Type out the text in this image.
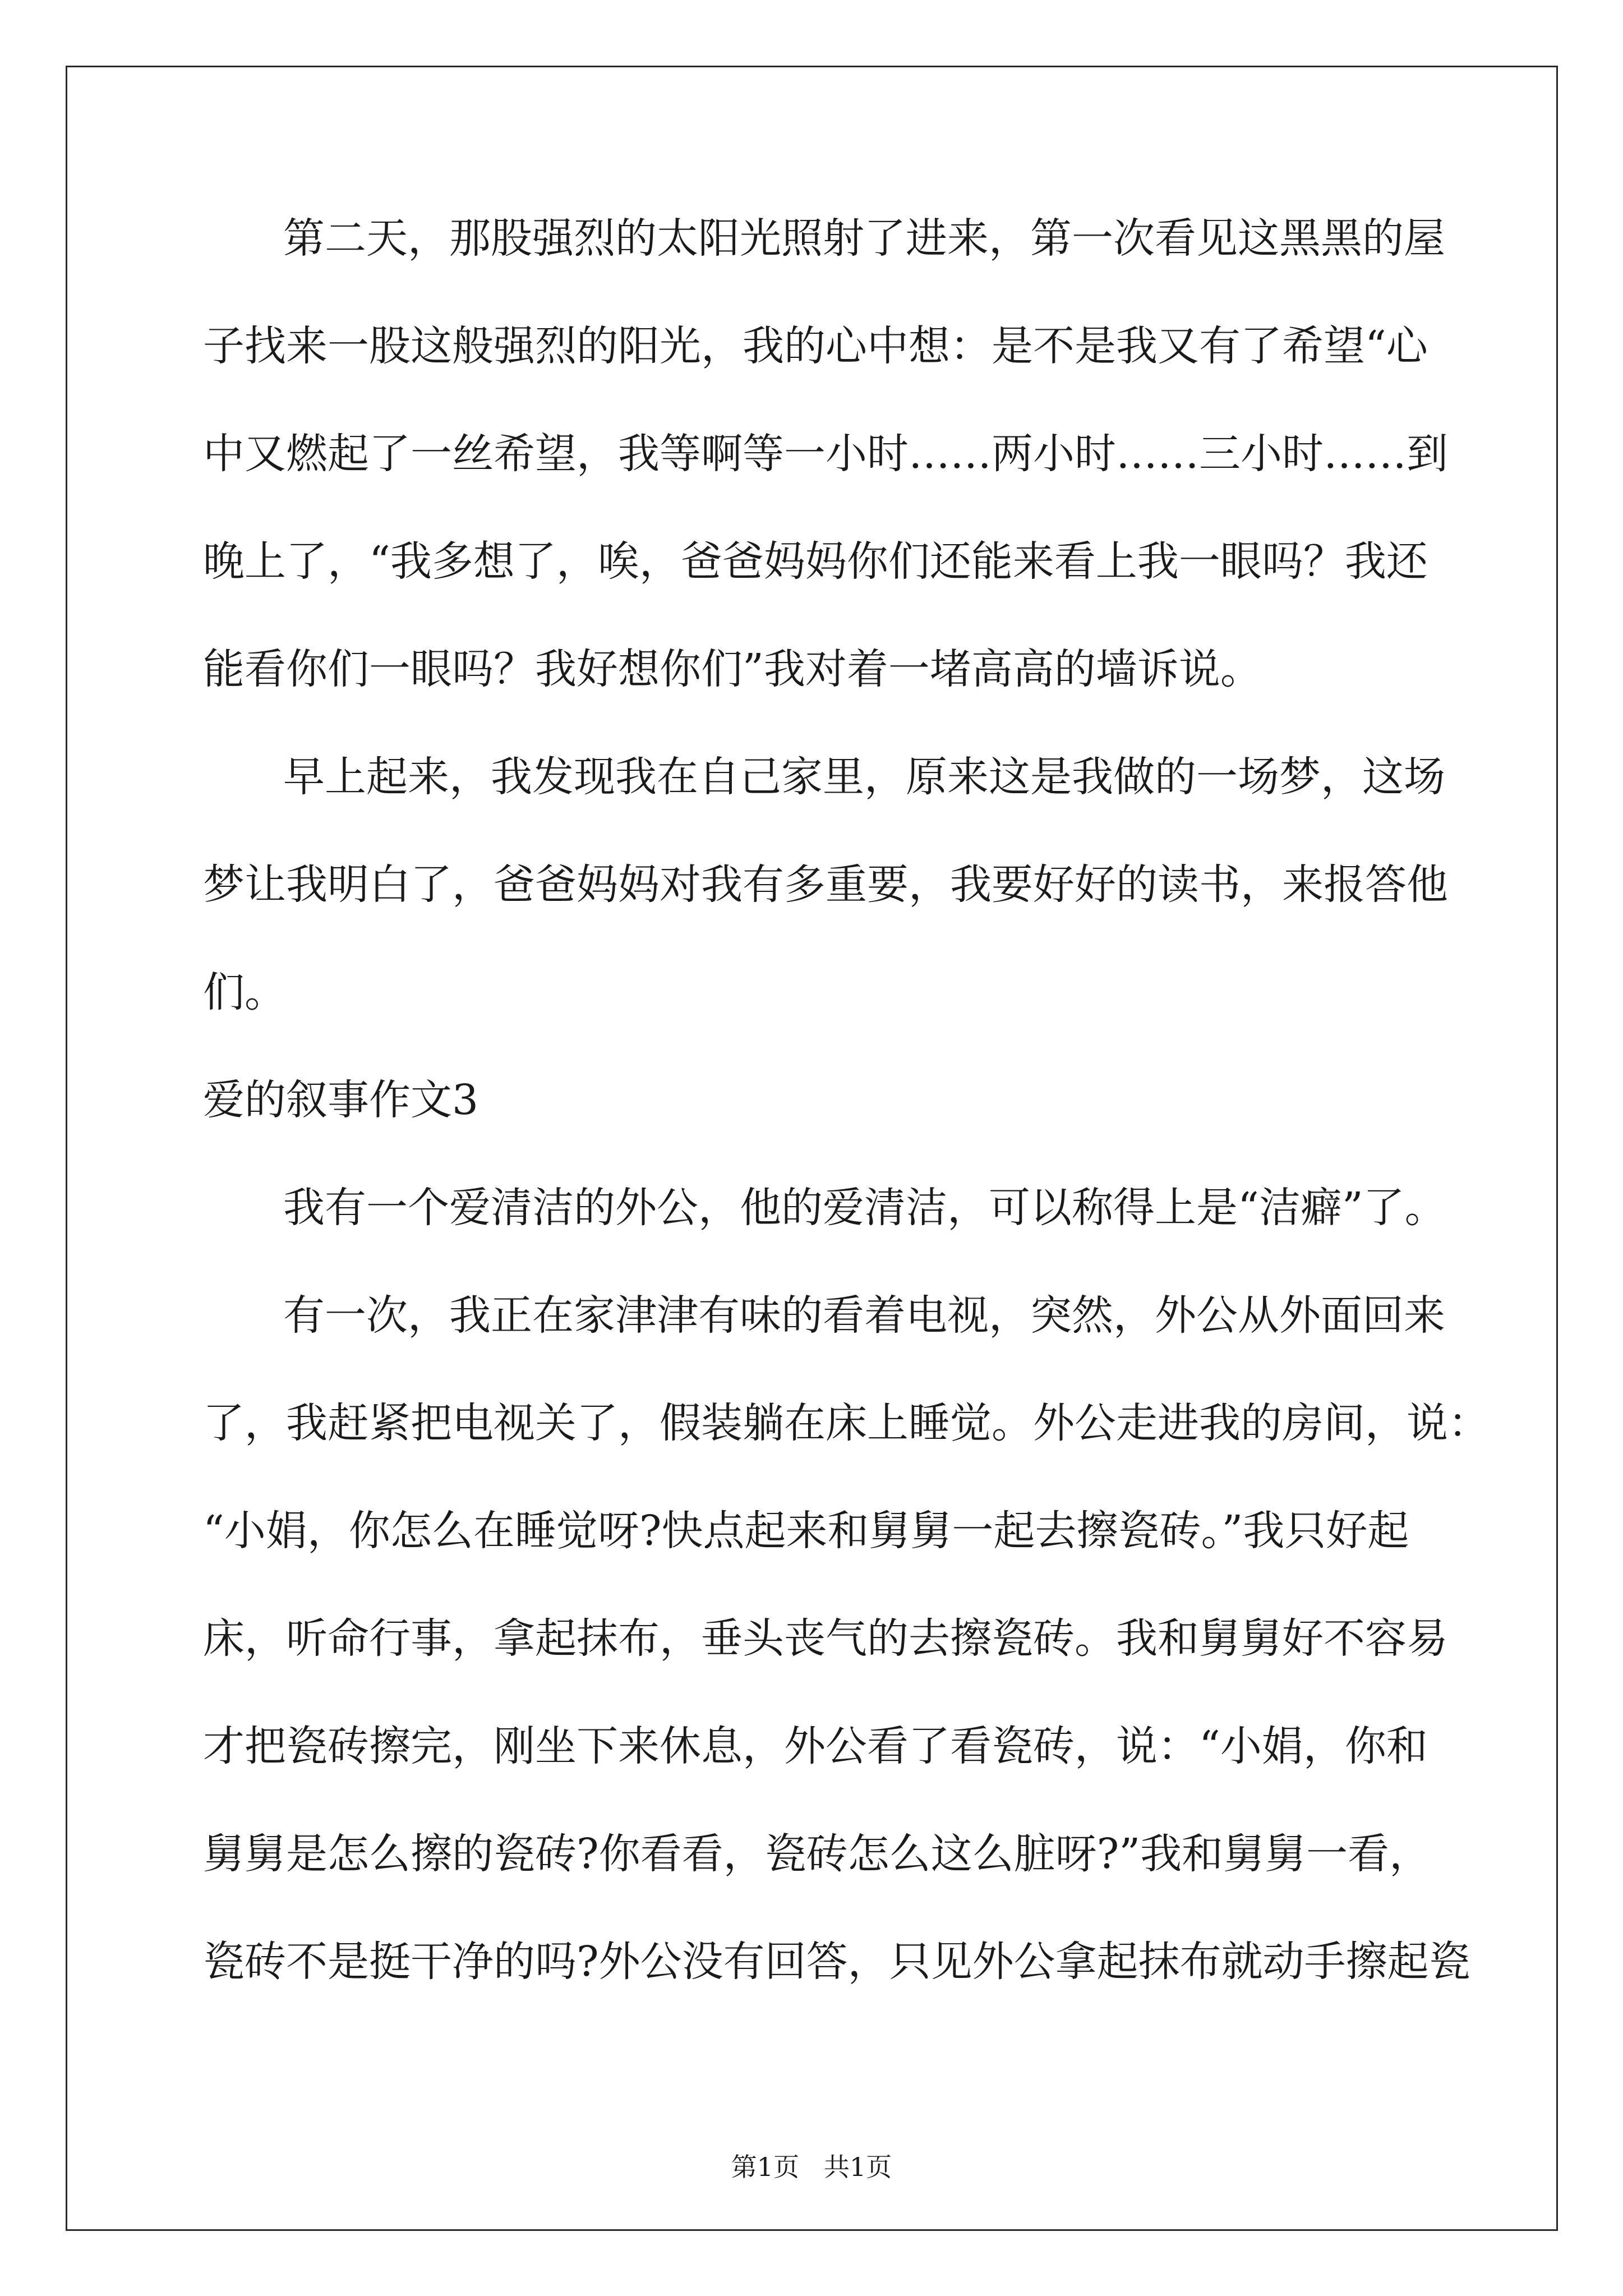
第二天，那股强烈的太阳光照射了进来，第一次看见这黑黑的屋
子找来一股这般强烈的阳光，我的心中想：是不是我又有了希望“心
中又燃起了一丝希望，我等啊等一小时……两小时……三小时……到
晚上了，“我多想了，唉，爸爸妈妈你们还能来看上我一眼吗？我还
能看你们一眼吗？我好想你们”我对着一堵高高的墙诉说。
早上起来，我发现我在自己家里，原来这是我做的一场梦，这场
梦让我明白了，爸爸妈妈对我有多重要，我要好好的读书，来报答他
们。
爱的叙事作文3
我有一个爱清洁的外公，他的爱清洁，可以称得上是“洁癖”了。
有一次，我正在家津津有味的看着电视，突然，外公从外面回来
了，我赶紧把电视关了，假装躺在床上睡觉。外公走进我的房间，说：
“小娟，你怎么在睡觉呀?快点起来和舅舅一起去擦瓷砖。”我只好起
床，听命行事，拿起抹布，垂头丧气的去擦瓷砖。我和舅舅好不容易
才把瓷砖擦完，刚坐下来休息，外公看了看瓷砖，说：“小娟，你和
舅舅是怎么擦的瓷砖?你看看，瓷砖怎么这么脏呀?”我和舅舅一看，
瓷砖不是挺干净的吗?外公没有回答，只见外公拿起抹布就动手擦起瓷
第1页   共1页
